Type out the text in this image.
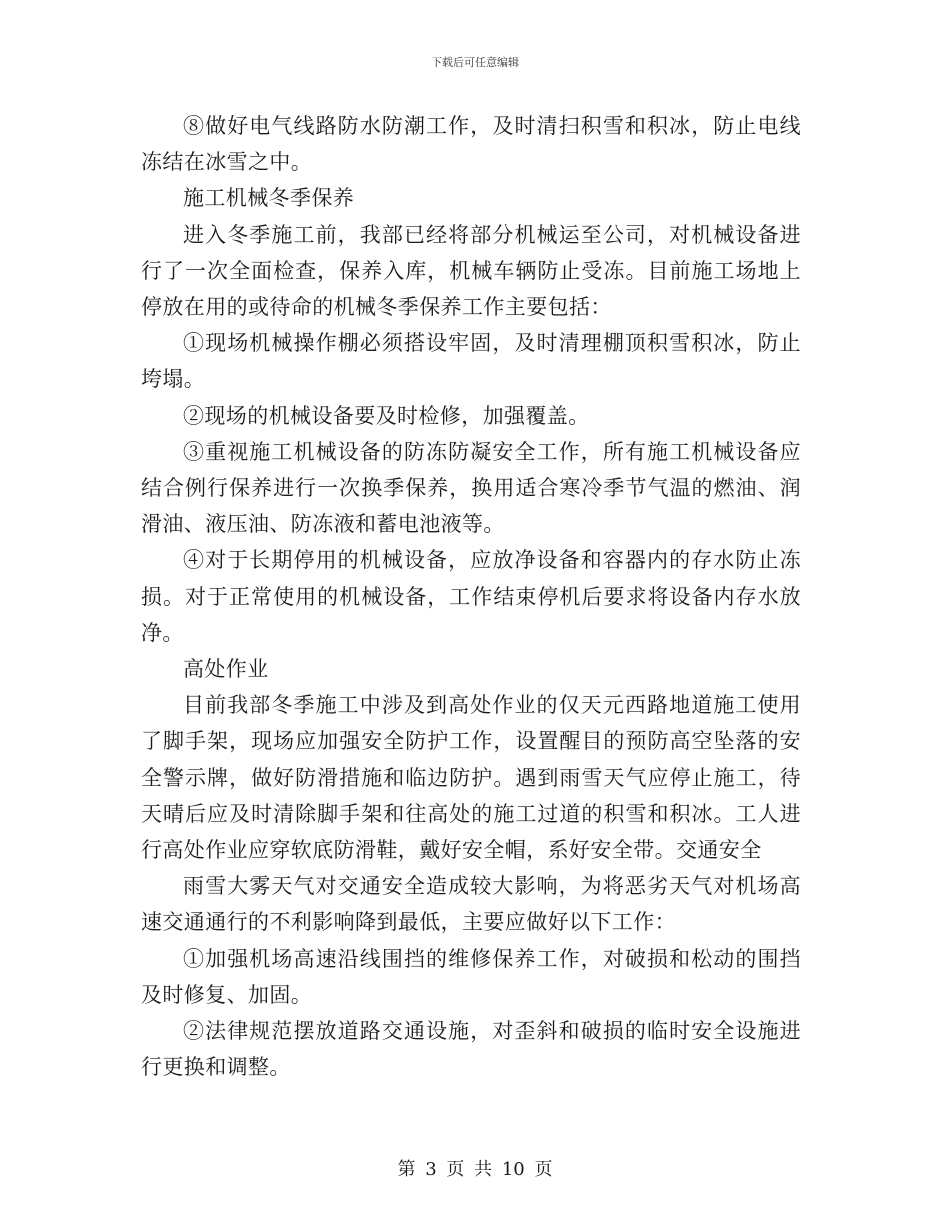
下载后可任意编辑

⑧做好电气线路防水防潮工作，及时清扫积雪和积冰，防止电线冻结在冰雪之中。

施工机械冬季保养

进入冬季施工前，我部已经将部分机械运至公司，对机械设备进行了一次全面检查，保养入库，机械车辆防止受冻。目前施工场地上停放在用的或待命的机械冬季保养工作主要包括：

①现场机械操作棚必须搭设牢固，及时清理棚顶积雪积冰，防止垮塌。

②现场的机械设备要及时检修，加强覆盖。

③重视施工机械设备的防冻防凝安全工作，所有施工机械设备应结合例行保养进行一次换季保养，换用适合寒冷季节气温的燃油、润滑油、液压油、防冻液和蓄电池液等。

④对于长期停用的机械设备，应放净设备和容器内的存水防止冻损。对于正常使用的机械设备，工作结束停机后要求将设备内存水放净。

高处作业

目前我部冬季施工中涉及到高处作业的仅天元西路地道施工使用了脚手架，现场应加强安全防护工作，设置醒目的预防高空坠落的安全警示牌，做好防滑措施和临边防护。遇到雨雪天气应停止施工，待天晴后应及时清除脚手架和往高处的施工过道的积雪和积冰。工人进行高处作业应穿软底防滑鞋，戴好安全帽，系好安全带。交通安全

雨雪大雾天气对交通安全造成较大影响，为将恶劣天气对机场高速交通通行的不利影响降到最低，主要应做好以下工作：

①加强机场高速沿线围挡的维修保养工作，对破损和松动的围挡及时修复、加固。

②法律规范摆放道路交通设施，对歪斜和破损的临时安全设施进行更换和调整。

第 3 页 共 10 页
